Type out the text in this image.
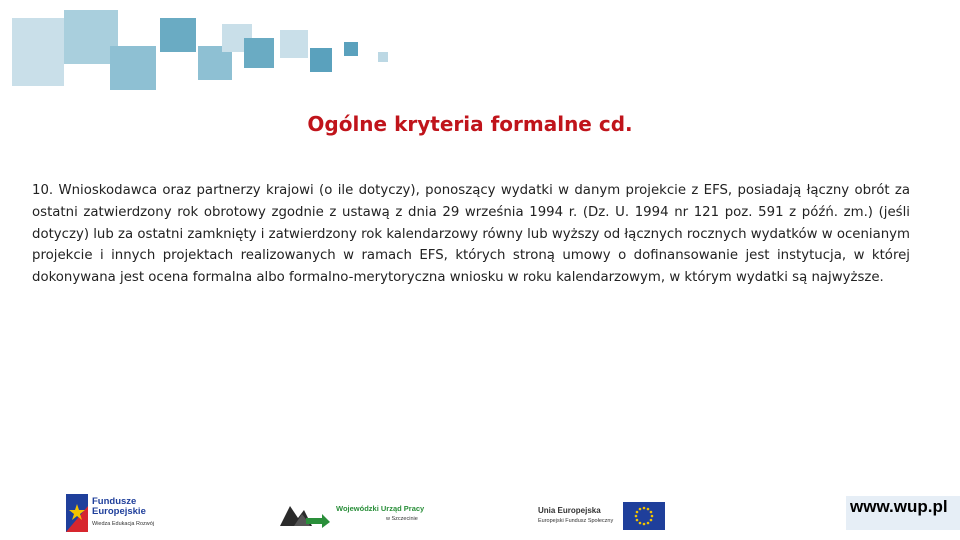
Ogólne kryteria formalne cd.
10. Wnioskodawca oraz partnerzy krajowi (o ile dotyczy), ponoszący wydatki w danym projekcie z EFS, posiadają łączny obrót za ostatni zatwierdzony rok obrotowy zgodnie z ustawą z dnia 29 września 1994 r. (Dz. U. 1994 nr 121 poz. 591 z późń. zm.) (jeśli dotyczy) lub za ostatni zamknięty i zatwierdzony rok kalendarzowy równy lub wyższy od łącznych rocznych wydatków w ocenianym projekcie i innych projektach realizowanych w ramach EFS, których stroną umowy o dofinansowanie jest instytucja, w której dokonywana jest ocena formalna albo formalno-merytoryczna wniosku w roku kalendarzowym, w którym wydatki są najwyższe.
Fundusze
Europejskie
Wiedza Edukacja Rozwój
Wojewódzki Urząd Pracy
w Szczecinie
Unia Europejska
Europejski Fundusz Społeczny
www.wup.pl
